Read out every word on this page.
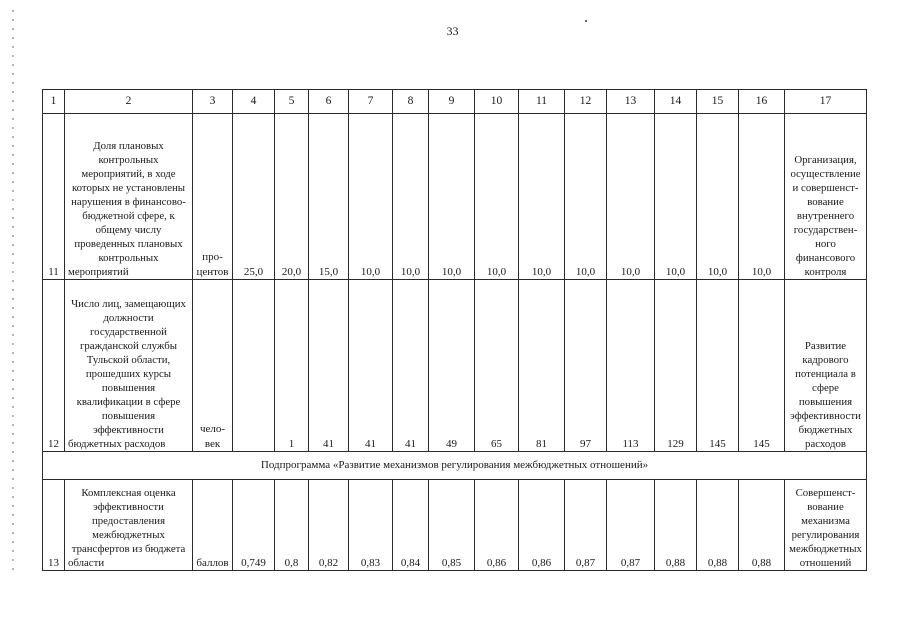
33
1	2	3	4	5	6	7	8	9	10	11	12	13	14	15	16	17
11	Доля плановых контрольных мероприятий, в ходе которых не установлены нарушения в финансово-бюджетной сфере, к общему числу проведенных плановых контрольных мероприятий	про-центов	25,0	20,0	15,0	10,0	10,0	10,0	10,0	10,0	10,0	10,0	10,0	10,0	10,0	Организация, осуществление и совершенст-вование внутреннего государствен-ного финансового контроля
12	Число лиц, замещающих должности государственной гражданской службы Тульской области, прошедших курсы повышения квалификации в сфере повышения эффективности бюджетных расходов	чело-век		1	41	41	41	49	65	81	97	113	129	145	145	Развитие кадрового потенциала в сфере повышения эффективности бюджетных расходов
Подпрограмма «Развитие механизмов регулирования межбюджетных отношений»																
13	Комплексная оценка эффективности предоставления межбюджетных трансфертов из бюджета области	баллов	0,749	0,8	0,82	0,83	0,84	0,85	0,86	0,86	0,87	0,87	0,88	0,88	0,88	Совершенст-вование механизма регулирования межбюджетных отношений
